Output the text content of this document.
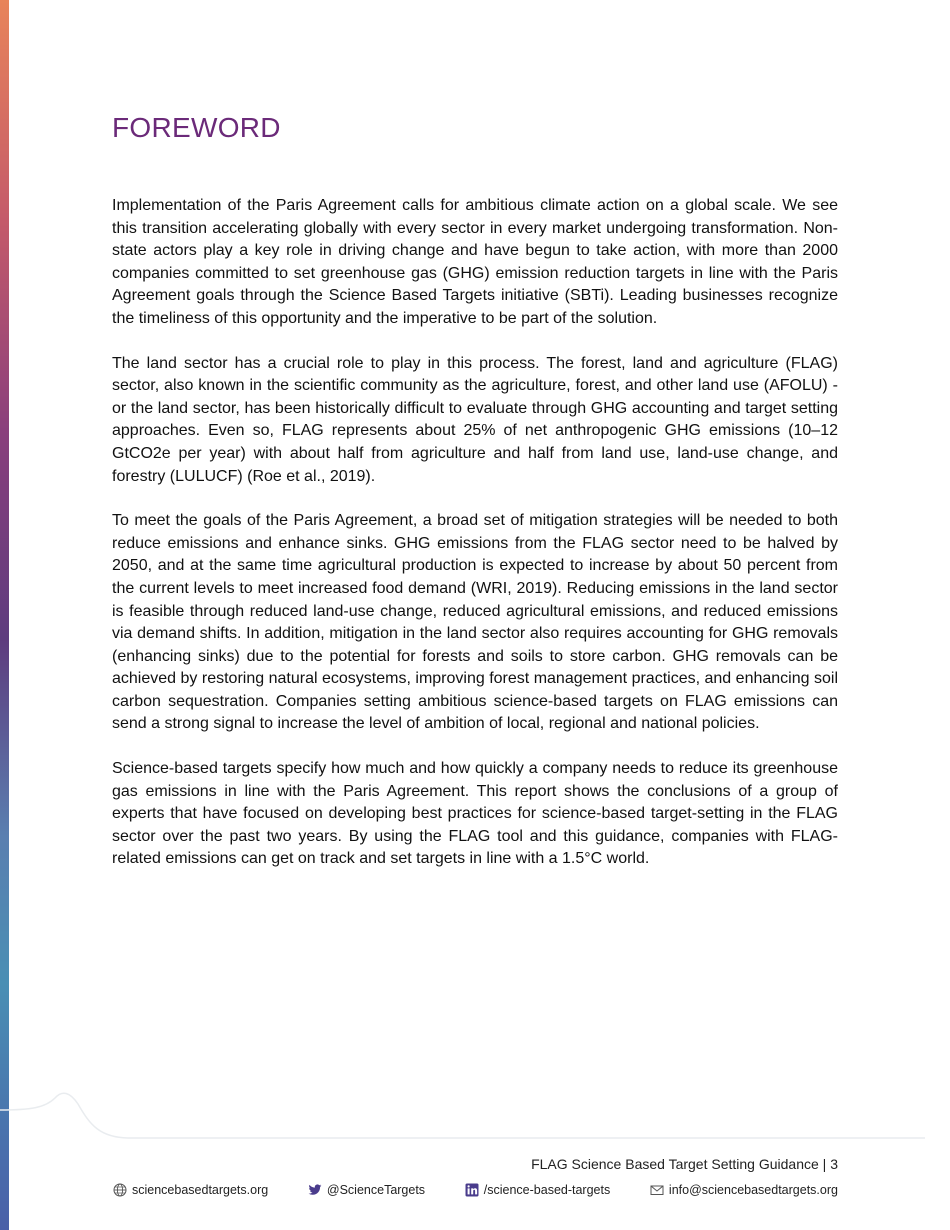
FOREWORD

Implementation of the Paris Agreement calls for ambitious climate action on a global scale. We see this transition accelerating globally with every sector in every market undergoing transformation. Non-state actors play a key role in driving change and have begun to take action, with more than 2000 companies committed to set greenhouse gas (GHG) emission reduction targets in line with the Paris Agreement goals through the Science Based Targets initiative (SBTi). Leading businesses recognize the timeliness of this opportunity and the imperative to be part of the solution.

The land sector has a crucial role to play in this process. The forest, land and agriculture (FLAG) sector, also known in the scientific community as the agriculture, forest, and other land use (AFOLU) - or the land sector, has been historically difficult to evaluate through GHG accounting and target setting approaches. Even so, FLAG represents about 25% of net anthropogenic GHG emissions (10–12 GtCO2e per year) with about half from agriculture and half from land use, land-use change, and forestry (LULUCF) (Roe et al., 2019).

To meet the goals of the Paris Agreement, a broad set of mitigation strategies will be needed to both reduce emissions and enhance sinks. GHG emissions from the FLAG sector need to be halved by 2050, and at the same time agricultural production is expected to increase by about 50 percent from the current levels to meet increased food demand (WRI, 2019). Reducing emissions in the land sector is feasible through reduced land-use change, reduced agricultural emissions, and reduced emissions via demand shifts. In addition, mitigation in the land sector also requires accounting for GHG removals (enhancing sinks) due to the potential for forests and soils to store carbon. GHG removals can be achieved by restoring natural ecosystems, improving forest management practices, and enhancing soil carbon sequestration. Companies setting ambitious science-based targets on FLAG emissions can send a strong signal to increase the level of ambition of local, regional and national policies.

Science-based targets specify how much and how quickly a company needs to reduce its greenhouse gas emissions in line with the Paris Agreement. This report shows the conclusions of a group of experts that have focused on developing best practices for science-based target-setting in the FLAG sector over the past two years. By using the FLAG tool and this guidance, companies with FLAG-related emissions can get on track and set targets in line with a 1.5°C world.

FLAG Science Based Target Setting Guidance | 3
sciencebasedtargets.org	@ScienceTargets	/science-based-targets	info@sciencebasedtargets.org
